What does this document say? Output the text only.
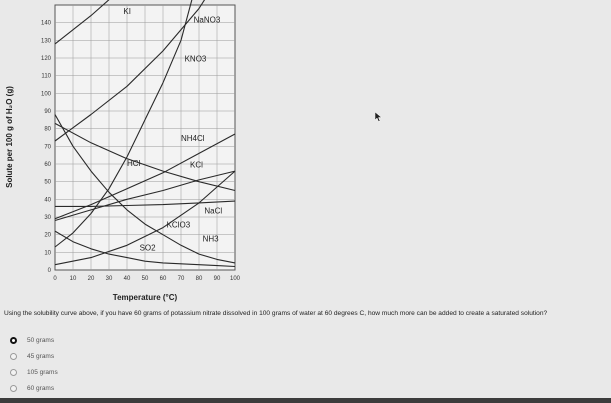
KI
NaNO3
KNO3
NH4Cl
HCl	KCl
NaCl
KClO3
NH3
SO2
0 10 20 30 40 50 60 70 80 90 100
0
10
20
30
40
50
60
70
80
90
100
110
120
130
140
Temperature (°C)
Solute per 100 g of H₂O (g)
Using the solubility curve above, if you have 60 grams of potassium nitrate dissolved in 100 grams of water at 60 degrees C, how much more can be added to create a saturated solution?
50 grams
45 grams
105 grams
60 grams
